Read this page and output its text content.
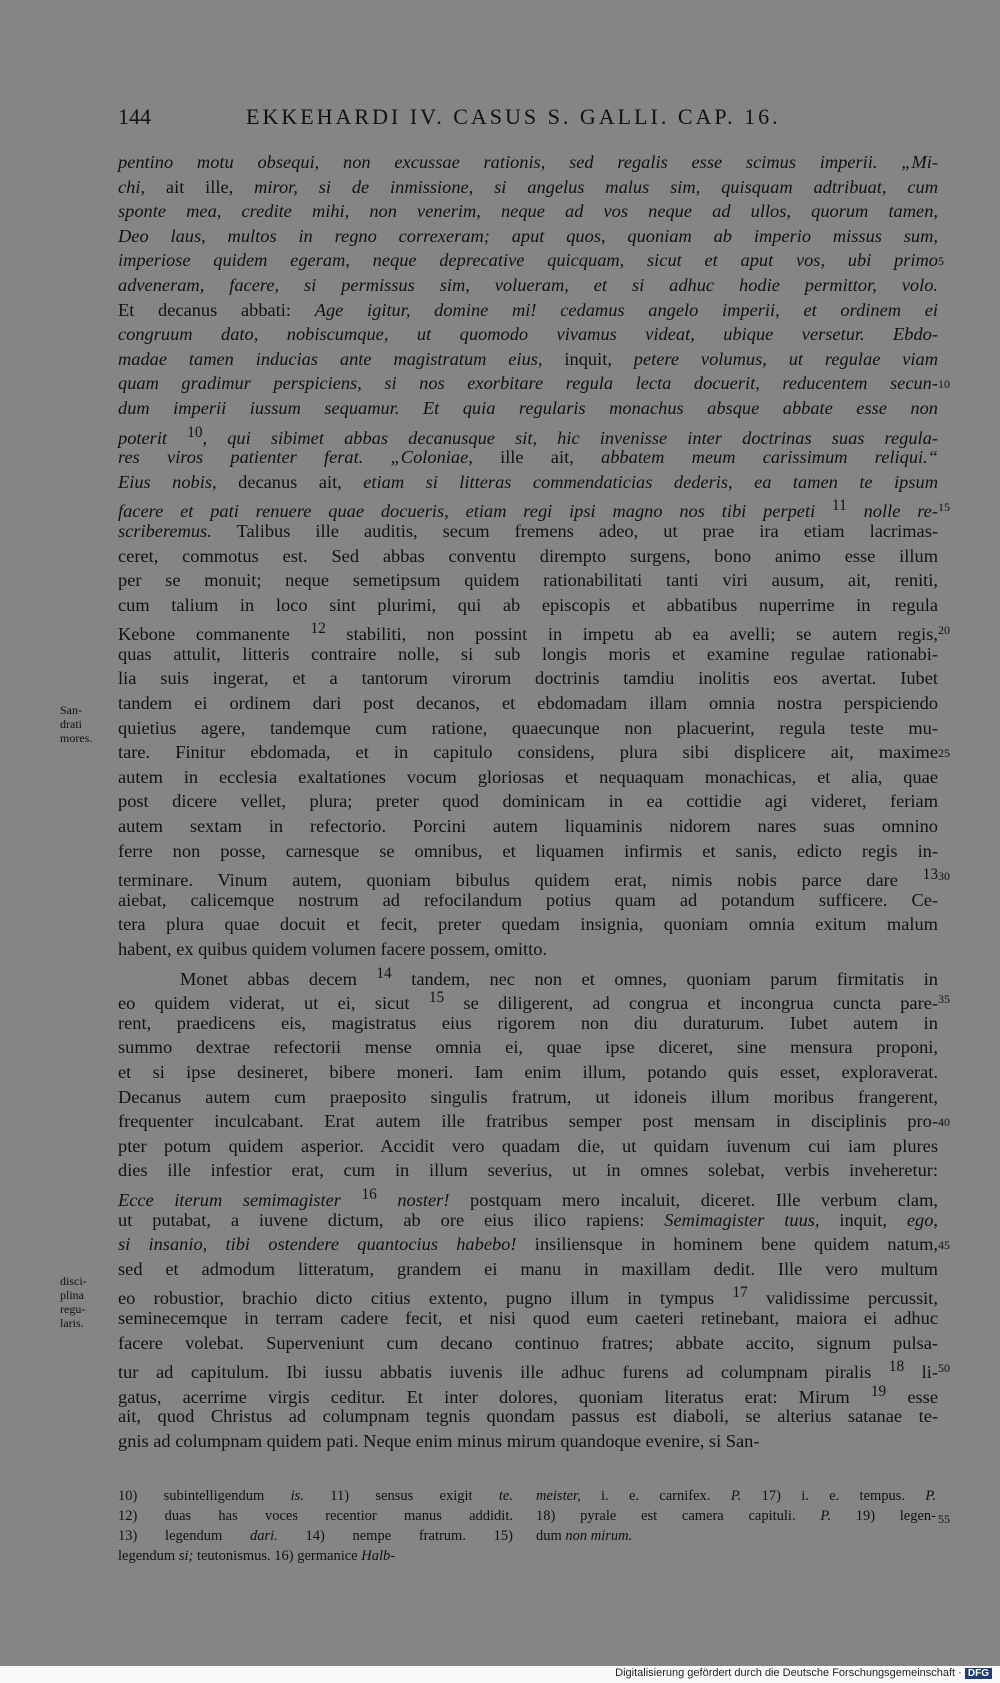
144	EKKEHARDI IV. CASUS S. GALLI. CAP. 16.
pentino motu obsequi, non excussae rationis, sed regalis esse scimus imperii. „Mi-
chi, ait ille, miror, si de inmissione, si angelus malus sim, quisquam adtribuat, cum
sponte mea, credite mihi, non venerim, neque ad vos neque ad ullos, quorum tamen,
Deo laus, multos in regno correxeram; aput quos, quoniam ab imperio missus sum,
imperiose quidem egeram, neque deprecative quicquam, sicut et aput vos, ubi primo
adveneram, facere, si permissus sim, volueram, et si adhuc hodie permittor, volo.
Et decanus abbati: Age igitur, domine mi! cedamus angelo imperii, et ordinem ei
congruum dato, nobiscumque, ut quomodo vivamus videat, ubique versetur. Ebdo-
madae tamen inducias ante magistratum eius, inquit, petere volumus, ut regulae viam
quam gradimur perspiciens, si nos exorbitare regula lecta docuerit, reducentem secun-
dum imperii iussum sequamur. Et quia regularis monachus absque abbate esse non
poterit $^{10}$, qui sibimet abbas decanusque sit, hic invenisse inter doctrinas suas regula-
res viros patienter ferat. „Coloniae, ille ait, abbatem meum carissimum reliqui.“
Eius nobis, decanus ait, etiam si litteras commendaticias dederis, ea tamen te ipsum
facere et pati renuere quae docueris, etiam regi ipsi magno nos tibi perpeti $^{11}$ nolle re-
scriberemus. Talibus ille auditis, secum fremens adeo, ut prae ira etiam lacrimas-
ceret, commotus est. Sed abbas conventu dirempto surgens, bono animo esse illum
per se monuit; neque semetipsum quidem rationabilitati tanti viri ausum, ait, reniti,
cum talium in loco sint plurimi, qui ab episcopis et abbatibus nuperrime in regula
Kebone commanente $^{12}$ stabiliti, non possint in impetu ab ea avelli; se autem regis,
quas attulit, litteris contraire nolle, si sub longis moris et examine regulae rationabi-
lia suis ingerat, et a tantorum virorum doctrinis tamdiu inolitis eos avertat. Iubet
tandem ei ordinem dari post decanos, et ebdomadam illam omnia nostra perspiciendo
quietius agere, tandemque cum ratione, quaecunque non placuerint, regula teste mu-
tare. Finitur ebdomada, et in capitulo considens, plura sibi displicere ait, maxime
autem in ecclesia exaltationes vocum gloriosas et nequaquam monachicas, et alia, quae
post dicere vellet, plura; preter quod dominicam in ea cottidie agi videret, feriam
autem sextam in refectorio. Porcini autem liquaminis nidorem nares suas omnino
ferre non posse, carnesque se omnibus, et liquamen infirmis et sanis, edicto regis in-
terminare. Vinum autem, quoniam bibulus quidem erat, nimis nobis parce dare $^{13}$
aiebat, calicemque nostrum ad refocilandum potius quam ad potandum sufficere. Ce-
tera plura quae docuit et fecit, preter quedam insignia, quoniam omnia exitum malum
habent, ex quibus quidem volumen facere possem, omitto.
Monet abbas decem $^{14}$ tandem, nec non et omnes, quoniam parum firmitatis in
eo quidem viderat, ut ei, sicut $^{15}$ se diligerent, ad congrua et incongrua cuncta pare-
rent, praedicens eis, magistratus eius rigorem non diu duraturum. Iubet autem in
summo dextrae refectorii mense omnia ei, quae ipse diceret, sine mensura proponi,
et si ipse desineret, bibere moneri. Iam enim illum, potando quis esset, exploraverat.
Decanus autem cum praeposito singulis fratrum, ut idoneis illum moribus frangerent,
frequenter inculcabant. Erat autem ille fratribus semper post mensam in disciplinis pro-
pter potum quidem asperior. Accidit vero quadam die, ut quidam iuvenum cui iam plures
dies ille infestior erat, cum in illum severius, ut in omnes solebat, verbis inveheretur:
Ecce iterum semimagister $^{16}$ noster! postquam mero incaluit, diceret. Ille verbum clam,
ut putabat, a iuvene dictum, ab ore eius ilico rapiens: Semimagister tuus, inquit, ego,
si insanio, tibi ostendere quantocius habebo! insiliensque in hominem bene quidem natum,
sed et admodum litteratum, grandem ei manu in maxillam dedit. Ille vero multum
eo robustior, brachio dicto citius extento, pugno illum in tympus $^{17}$ validissime percussit,
seminecemque in terram cadere fecit, et nisi quod eum caeteri retinebant, maiora ei adhuc
facere volebat. Superveniunt cum decano continuo fratres; abbate accito, signum pulsa-
tur ad capitulum. Ibi iussu abbatis iuvenis ille adhuc furens ad columpnam piralis $^{18}$ li-
gatus, acerrime virgis ceditur. Et inter dolores, quoniam literatus erat: Mirum $^{19}$ esse
ait, quod Christus ad columpnam tegnis quondam passus est diaboli, se alterius satanae te-
gnis ad columpnam quidem pati. Neque enim minus mirum quandoque evenire, si San-
5
10
15
20
25
30
35
40
45
50
55
San-
drati
mores.
disci-
plina
regu-
laris.
10) subintelligendum is. 11) sensus exigit te.
12) duas has voces recentior manus addidit.
13) legendum dari. 14) nempe fratrum. 15)
legendum si; teutonismus. 16) germanice Halb-
meister, i. e. carnifex. P. 17) i. e. tempus. P.
18) pyrale est camera capituli. P. 19) legen-
dum non mirum.
Digitalisierung gefördert durch die Deutsche Forschungsgemeinschaft · DFG
